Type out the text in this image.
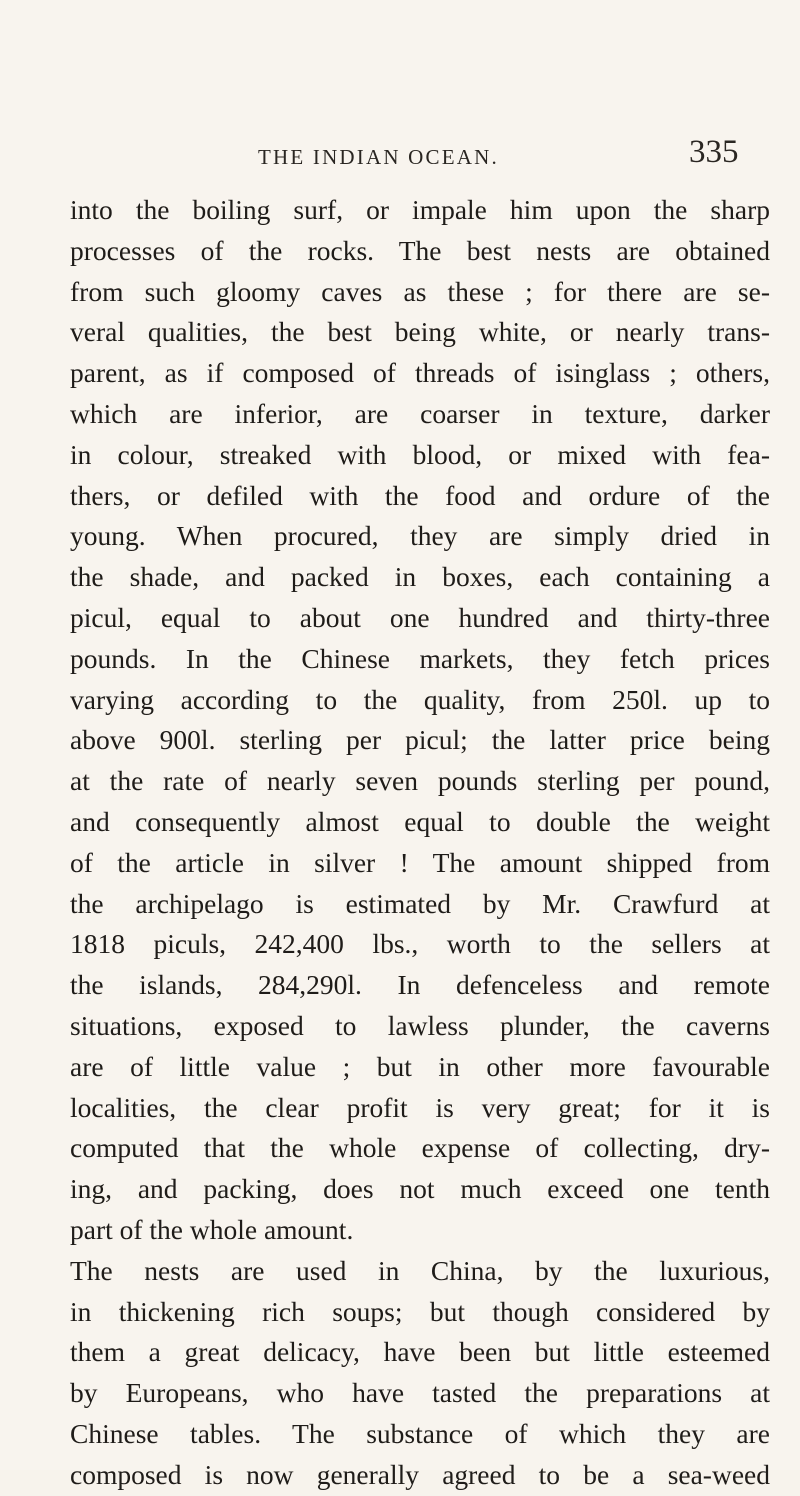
THE INDIAN OCEAN.	335
into the boiling surf, or impale him upon the sharp
processes of the rocks. The best nests are obtained
from such gloomy caves as these ; for there are se-
veral qualities, the best being white, or nearly trans-
parent, as if composed of threads of isinglass ; others,
which are inferior, are coarser in texture, darker
in colour, streaked with blood, or mixed with fea-
thers, or defiled with the food and ordure of the
young. When procured, they are simply dried in
the shade, and packed in boxes, each containing a
picul, equal to about one hundred and thirty-three
pounds. In the Chinese markets, they fetch prices
varying according to the quality, from 250l. up to
above 900l. sterling per picul; the latter price being
at the rate of nearly seven pounds sterling per pound,
and consequently almost equal to double the weight
of the article in silver ! The amount shipped from
the archipelago is estimated by Mr. Crawfurd at
1818 piculs, 242,400 lbs., worth to the sellers at
the islands, 284,290l. In defenceless and remote
situations, exposed to lawless plunder, the caverns
are of little value ; but in other more favourable
localities, the clear profit is very great; for it is
computed that the whole expense of collecting, dry-
ing, and packing, does not much exceed one tenth
part of the whole amount.
The nests are used in China, by the luxurious,
in thickening rich soups; but though considered by
them a great delicacy, have been but little esteemed
by Europeans, who have tasted the preparations at
Chinese tables. The substance of which they are
composed is now generally agreed to be a sea-weed
